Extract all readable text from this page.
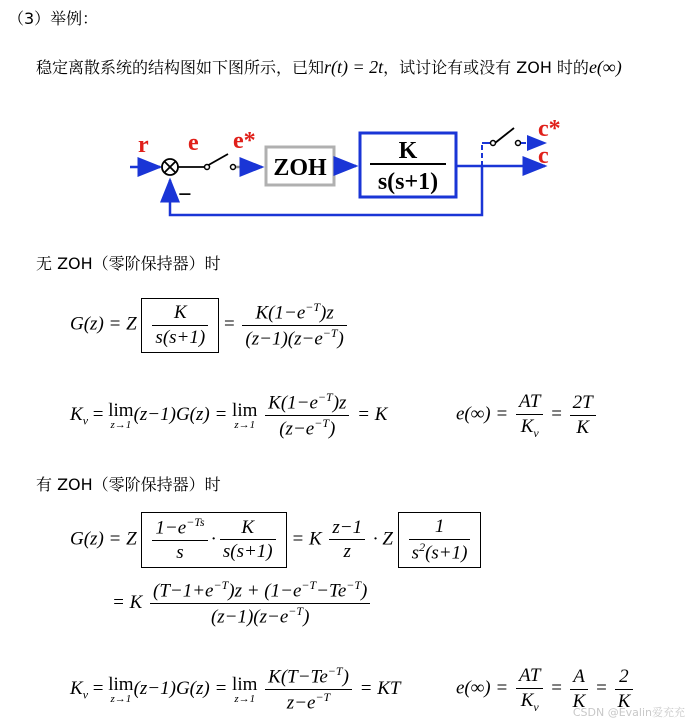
（3）举例：
稳定离散系统的结构图如下图所示，已知r(t) = 2t，试讨论有或没有 ZOH 时的e(∞)
ZOH
K
s(s+1)
r e e*
−
c*
c
无 ZOH（零阶保持器）时
G(z) = Z $\frac{K}{s(s+1)} = \frac{K(1-e^{-T})z}{(z-1)(z-e^{-T})}$
$K_v = \lim$
z→1 (z−1)G(z) = lim
z→1
$\frac{K(1-e^{-T})z}{(z-e^{-T})} = K$	$e(\infty) = \frac{AT}{K_v} = \frac{2T}{K}$
有 ZOH（零阶保持器）时
G(z) = Z $\frac{1-e^{-Ts}}{s} \cdot \frac{K}{s(s+1)} = K \frac{z-1}{z} \cdot Z \frac{1}{s^2(s+1)}$
= K $\frac{(T-1+e^{-T})z + (1-e^{-T}-Te^{-T})}{(z-1)(z-e^{-T})}$
$K_v = \lim$
z→1 (z−1)G(z) = lim
z→1
$\frac{K(T-Te^{-T})}{z-e^{-T}}$ = KT	$e(\infty) = \frac{AT}{K_v} = \frac{A}{K} = \frac{2}{K}$
CSDN @Evalin爱充充
